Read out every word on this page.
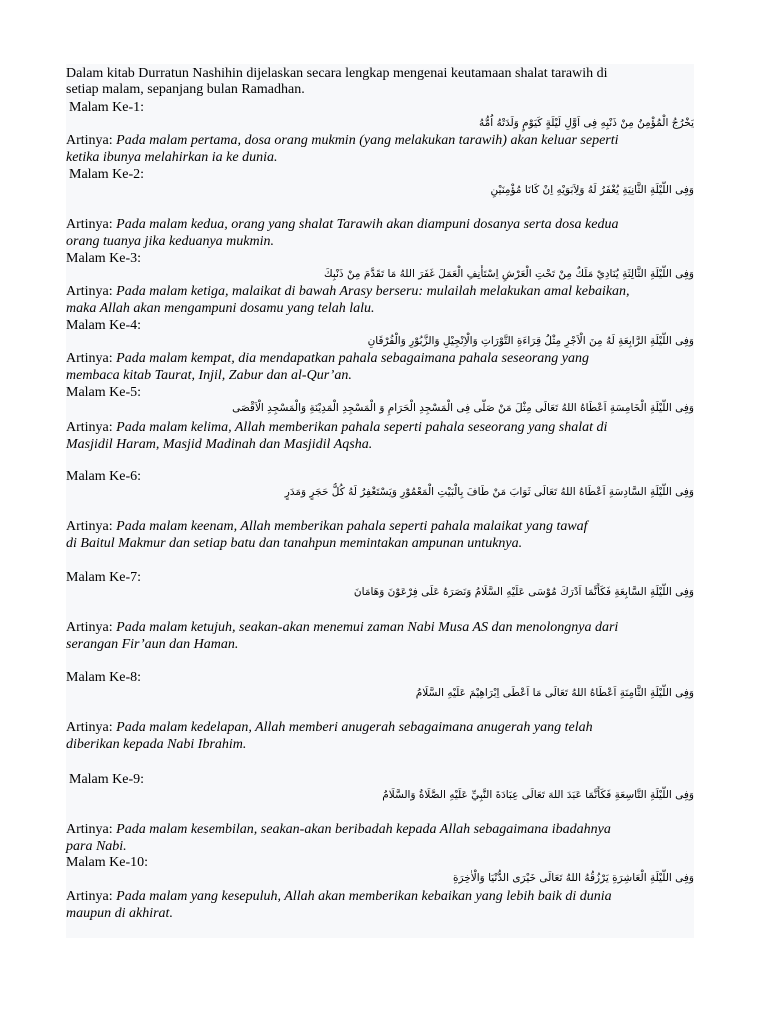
Dalam kitab Durratun Nashihin dijelaskan secara lengkap mengenai keutamaan shalat tarawih di
setiap malam, sepanjang bulan Ramadhan.
Malam Ke-1:
يَخْرُجُ الْمُؤْمِنُ مِنْ ذَنْبِهِ فِى اَوَّلِ لَيْلَةٍ كَيَوْمٍ وَلَدَتْهُ اُمُّهُ
Artinya: Pada malam pertama, dosa orang mukmin (yang melakukan tarawih) akan keluar seperti
ketika ibunya melahirkan ia ke dunia.
Malam Ke-2:
وَفِى اللَّيْلَةِ الثَّانِيَةِ يُغْفَرُ لَهُ وَلِاَبَوَيْهِ اِنْ كَانَا مُؤْمِنَيْنِ
Artinya: Pada malam kedua, orang yang shalat Tarawih akan diampuni dosanya serta dosa kedua
orang tuanya jika keduanya mukmin.
Malam Ke-3:
وَفِى اللَّيْلَةِ الثَّالِثَةِ يُنَادِيْ مَلَكٌ مِنْ تَحْتِ الْعَرْشِ اِسْتَأْنِفِ الْعَمَلَ غَفَرَ اللهُ مَا تَقَدَّمَ مِنْ ذَنْبِكَ
Artinya: Pada malam ketiga, malaikat di bawah Arasy berseru: mulailah melakukan amal kebaikan,
maka Allah akan mengampuni dosamu yang telah lalu.
Malam Ke-4:
وَفِى اللَّيْلَةِ الرَّابِعَةِ لَهُ مِنَ الْاَجْرِ مِثْلُ قِرَاءَةِ التَّوْرَاتِ وَالْاِنْجِيْلِ وَالزَّبُوْرِ وَالْفُرْقَانِ
Artinya: Pada malam kempat, dia mendapatkan pahala sebagaimana pahala seseorang yang
membaca kitab Taurat, Injil, Zabur dan al-Qur’an.
Malam Ke-5:
وَفِى اللَّيْلَةِ الْخَامِسَةِ اَعْطَاهُ اللهُ تَعَالَى مِثْلَ مَنْ صَلَّى فِى الْمَسْجِدِ الْحَرَامِ وَ الْمَسْجِدِ الْمَدِيْنَةِ وَالْمَسْجِدِ الْاَقْصَى
Artinya: Pada malam kelima, Allah memberikan pahala seperti pahala seseorang yang shalat di
Masjidil Haram, Masjid Madinah dan Masjidil Aqsha.
Malam Ke-6:
وَفِى اللَّيْلَةِ السَّادِسَةِ اَعْطَاهُ اللهُ تَعَالَى ثَوَابَ مَنْ طَافَ بِالْبَيْتِ الْمَعْمُوْرِ وَيَسْتَغْفِرُ لَهُ كُلُّ حَجَرٍ وَمَدَرٍ
Artinya: Pada malam keenam, Allah memberikan pahala seperti pahala malaikat yang tawaf
di Baitul Makmur dan setiap batu dan tanahpun memintakan ampunan untuknya.
Malam Ke-7:
وَفِى اللَّيْلَةِ السَّابِعَةِ فَكَأَنَّمَا اَدْرَكَ مُوْسَى عَلَيْهِ السَّلَامُ وَنَصَرَهُ عَلَى فِرْعَوْنَ وَهَامَانَ
Artinya: Pada malam ketujuh, seakan-akan menemui zaman Nabi Musa AS dan menolongnya dari
serangan Fir’aun dan Haman.
Malam Ke-8:
وَفِى اللَّيْلَةِ الثَّامِنَةِ اَعْطَاهُ اللهُ تَعَالَى مَا اَعْطَى اِبْرَاهِيْمَ عَلَيْهِ السَّلَامُ
Artinya: Pada malam kedelapan, Allah memberi anugerah sebagaimana anugerah yang telah
diberikan kepada Nabi Ibrahim.
Malam Ke-9:
وَفِى اللَّيْلَةِ التَّاسِعَةِ فَكَأَنَّمَا عَبَدَ اللهَ تَعَالَى عِبَادَةَ النَّبِيِّ عَلَيْهِ الصَّلَاةُ وَالسَّلَامُ
Artinya: Pada malam kesembilan, seakan-akan beribadah kepada Allah sebagaimana ibadahnya
para Nabi.
Malam Ke-10:
وَفِى اللَّيْلَةِ الْعَاشِرَةِ يَرْزُقُهُ اللهُ تَعَالَى خَيْرَى الدُّنْيَا وَالْاٰخِرَةِ
Artinya: Pada malam yang kesepuluh, Allah akan memberikan kebaikan yang lebih baik di dunia
maupun di akhirat.
